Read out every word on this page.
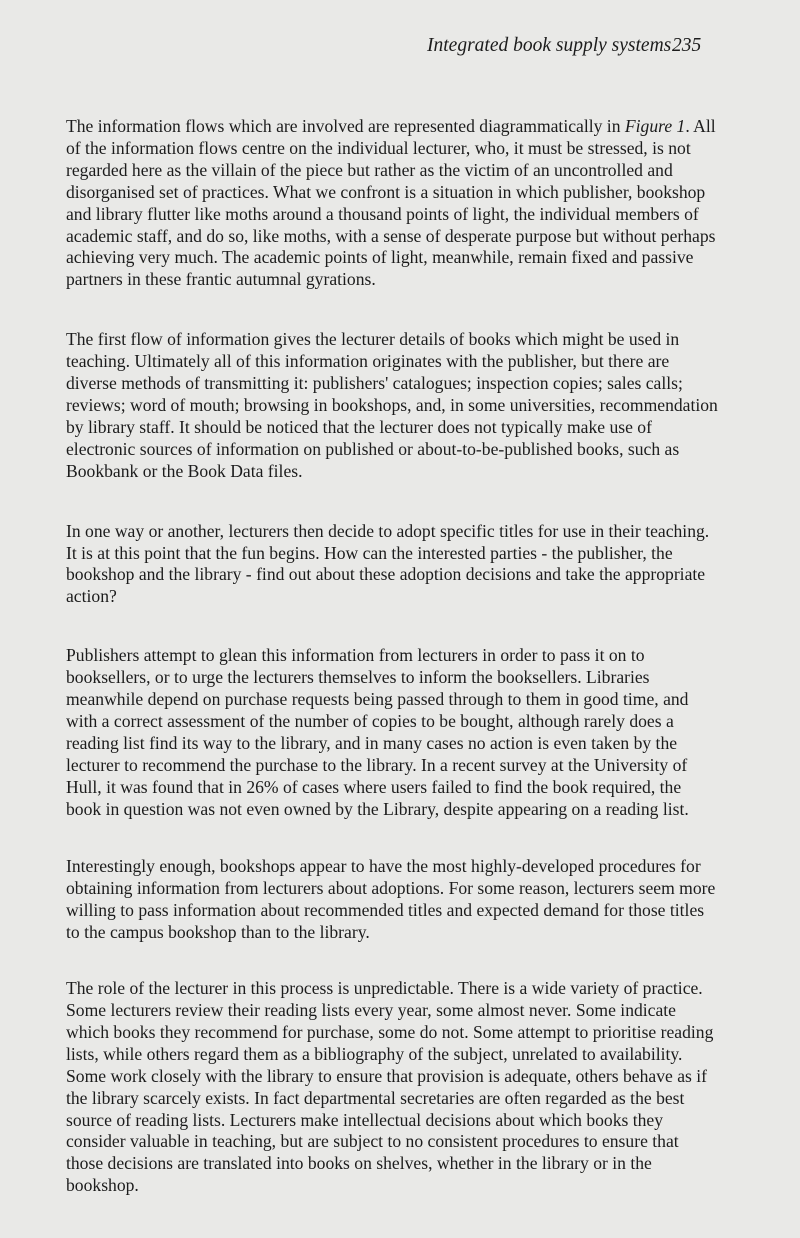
Integrated book supply systems 235

The information flows which are involved are represented diagrammatically in Figure 1. All of the information flows centre on the individual lecturer, who, it must be stressed, is not regarded here as the villain of the piece but rather as the victim of an uncontrolled and disorganised set of practices. What we confront is a situation in which publisher, bookshop and library flutter like moths around a thousand points of light, the individual members of academic staff, and do so, like moths, with a sense of desperate purpose but without perhaps achieving very much. The academic points of light, meanwhile, remain fixed and passive partners in these frantic autumnal gyrations.

The first flow of information gives the lecturer details of books which might be used in teaching. Ultimately all of this information originates with the publisher, but there are diverse methods of transmitting it: publishers' catalogues; inspection copies; sales calls; reviews; word of mouth; browsing in bookshops, and, in some universities, recommendation by library staff. It should be noticed that the lecturer does not typically make use of electronic sources of information on published or about-to-be-published books, such as Bookbank or the Book Data files.

In one way or another, lecturers then decide to adopt specific titles for use in their teaching. It is at this point that the fun begins. How can the interested parties - the publisher, the bookshop and the library - find out about these adoption decisions and take the appropriate action?

Publishers attempt to glean this information from lecturers in order to pass it on to booksellers, or to urge the lecturers themselves to inform the booksellers. Libraries meanwhile depend on purchase requests being passed through to them in good time, and with a correct assessment of the number of copies to be bought, although rarely does a reading list find its way to the library, and in many cases no action is even taken by the lecturer to recommend the purchase to the library. In a recent survey at the University of Hull, it was found that in 26% of cases where users failed to find the book required, the book in question was not even owned by the Library, despite appearing on a reading list.

Interestingly enough, bookshops appear to have the most highly-developed procedures for obtaining information from lecturers about adoptions. For some reason, lecturers seem more willing to pass information about recommended titles and expected demand for those titles to the campus bookshop than to the library.

The role of the lecturer in this process is unpredictable. There is a wide variety of practice. Some lecturers review their reading lists every year, some almost never. Some indicate which books they recommend for purchase, some do not. Some attempt to prioritise reading lists, while others regard them as a bibliography of the subject, unrelated to availability. Some work closely with the library to ensure that provision is adequate, others behave as if the library scarcely exists. In fact departmental secretaries are often regarded as the best source of reading lists. Lecturers make intellectual decisions about which books they consider valuable in teaching, but are subject to no consistent procedures to ensure that those decisions are translated into books on shelves, whether in the library or in the bookshop.
